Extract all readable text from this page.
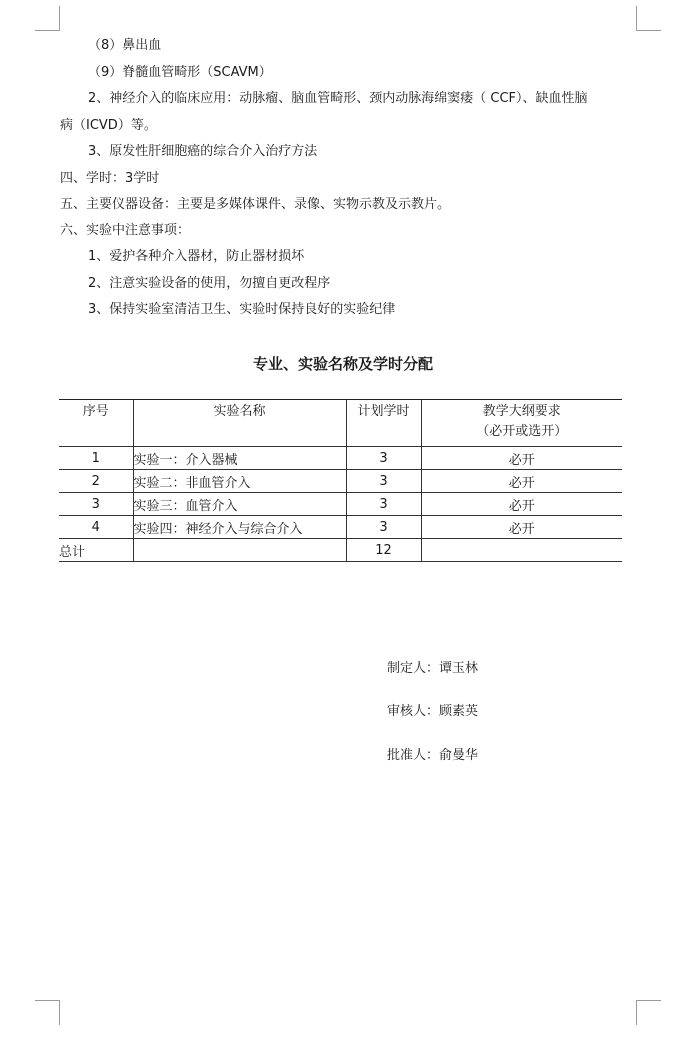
（8）鼻出血
（9）脊髓血管畸形（SCAVM）
2、神经介入的临床应用：动脉瘤、脑血管畸形、颈内动脉海绵窦瘘（ CCF）、缺血性脑
病（ICVD）等。
3、原发性肝细胞癌的综合介入治疗方法
四、学时：3学时
五、主要仪器设备：主要是多媒体课件、录像、实物示教及示教片。
六、实验中注意事项：
1、爱护各种介入器材，防止器材损坏
2、注意实验设备的使用，勿擅自更改程序
3、保持实验室清洁卫生、实验时保持良好的实验纪律
专业、实验名称及学时分配
序号	实验名称	计划学时	教学大纲要求
（必开或选开）

1	实验一：介入器械	3	必开
2	实验二：非血管介入	3	必开
3	实验三：血管介入	3	必开
4	实验四：神经介入与综合介入	3	必开
总计		12	
制定人：谭玉林
审核人：顾素英
批准人：俞曼华
